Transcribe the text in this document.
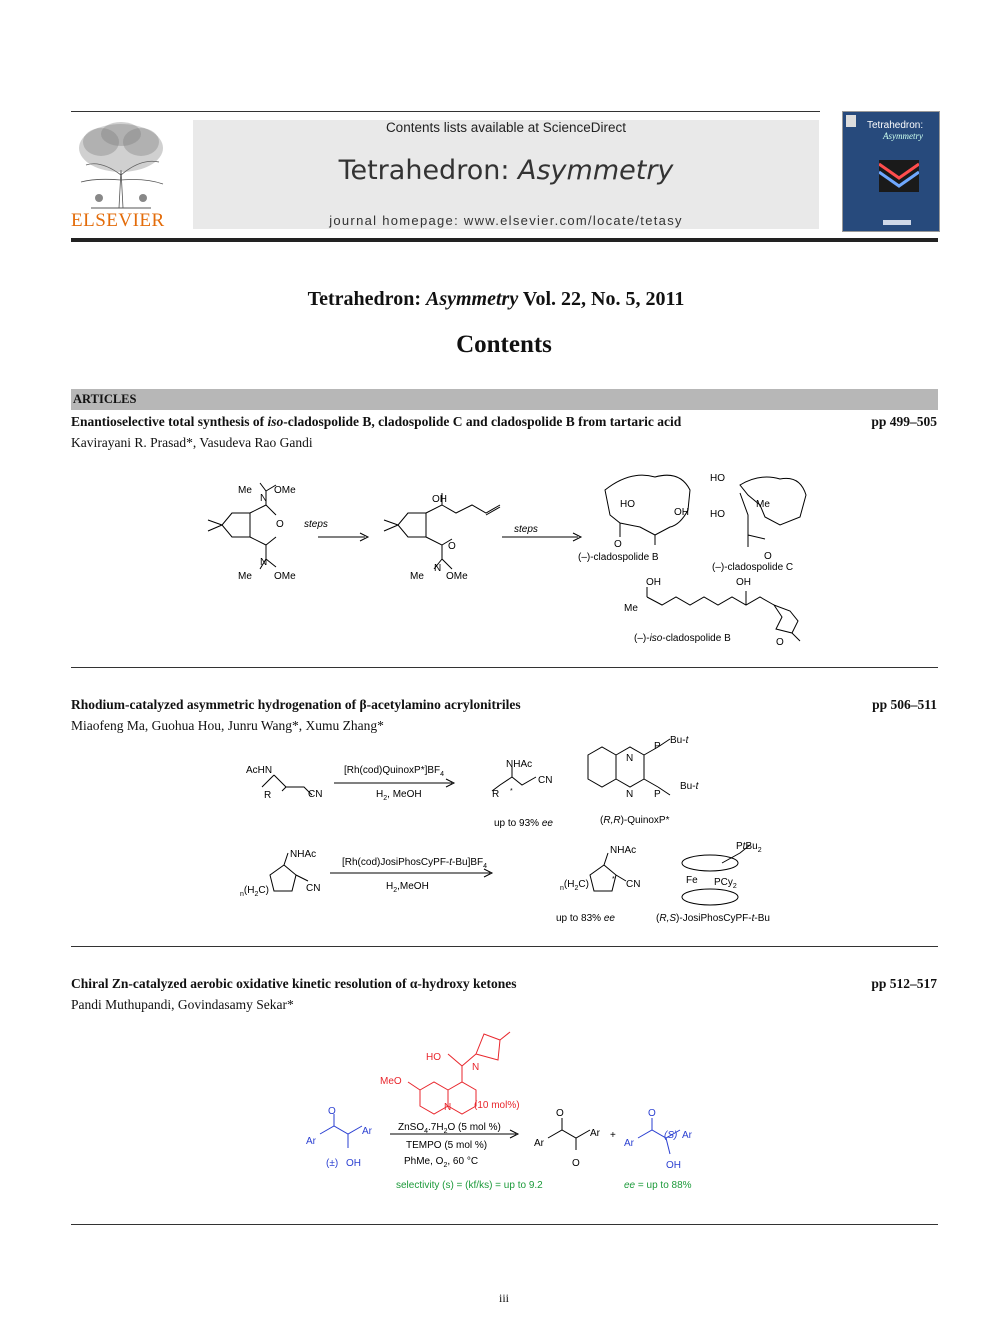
ELSEVIER
Contents lists available at ScienceDirect
Tetrahedron: Asymmetry
journal homepage: www.elsevier.com/locate/tetasy
Tetrahedron:
Asymmetry
Tetrahedron: Asymmetry Vol. 22, No. 5, 2011
Contents
ARTICLES
Enantioselective total synthesis of iso-cladospolide B, cladospolide C and cladospolide B from tartaric acid	pp 499–505
Kavirayani R. Prasad*, Vasudeva Rao Gandi
Me
N
OMe
O
N
Me OMe
steps
OH
O
N
Me OMe
steps
HO
OH
O
(–)-cladospolide B
HO
Me
HO
O
(–)-cladospolide C
OH	OH
Me
O
(–)-iso-cladospolide B
Rhodium-catalyzed asymmetric hydrogenation of β-acetylamino acrylonitriles	pp 506–511
Miaofeng Ma, Guohua Hou, Junru Wang*, Xumu Zhang*
AcHN
R	CN
$[Rh(cod)QuinoxP*]BF_4$
$H_2$, MeOH
NHAc
R
CN
*
up to 93% ee
N
N
P
P
Bu-t
Bu-t
(R,R)-QuinoxP*
NHAc
$_n(H_2C)$	CN
$[Rh(cod)JosiPhosCyPF-t-Bu]BF_4$
$H_2,MeOH$
NHAc
$_n(H_2C)$	CN
*
up to 83% ee
PtBu$_2$
PCy$_2$
Fe
(R,S)-JosiPhosCyPF-t-Bu
Chiral Zn-catalyzed aerobic oxidative kinetic resolution of α-hydroxy ketones	pp 512–517
Pandi Muthupandi, Govindasamy Sekar*
HO
MeO
N
N (10 mol%)
O
Ar
Ar
(±) OH
$ZnSO_4.7H_2O$ (5 mol %)
TEMPO (5 mol %)
PhMe, $O_2$, 60 °C
O
O
Ar
Ar +
O
Ar
Ar
(S)
OH
selectivity (s) = (kf/ks) = up to 9.2	ee = up to 88%
iii
